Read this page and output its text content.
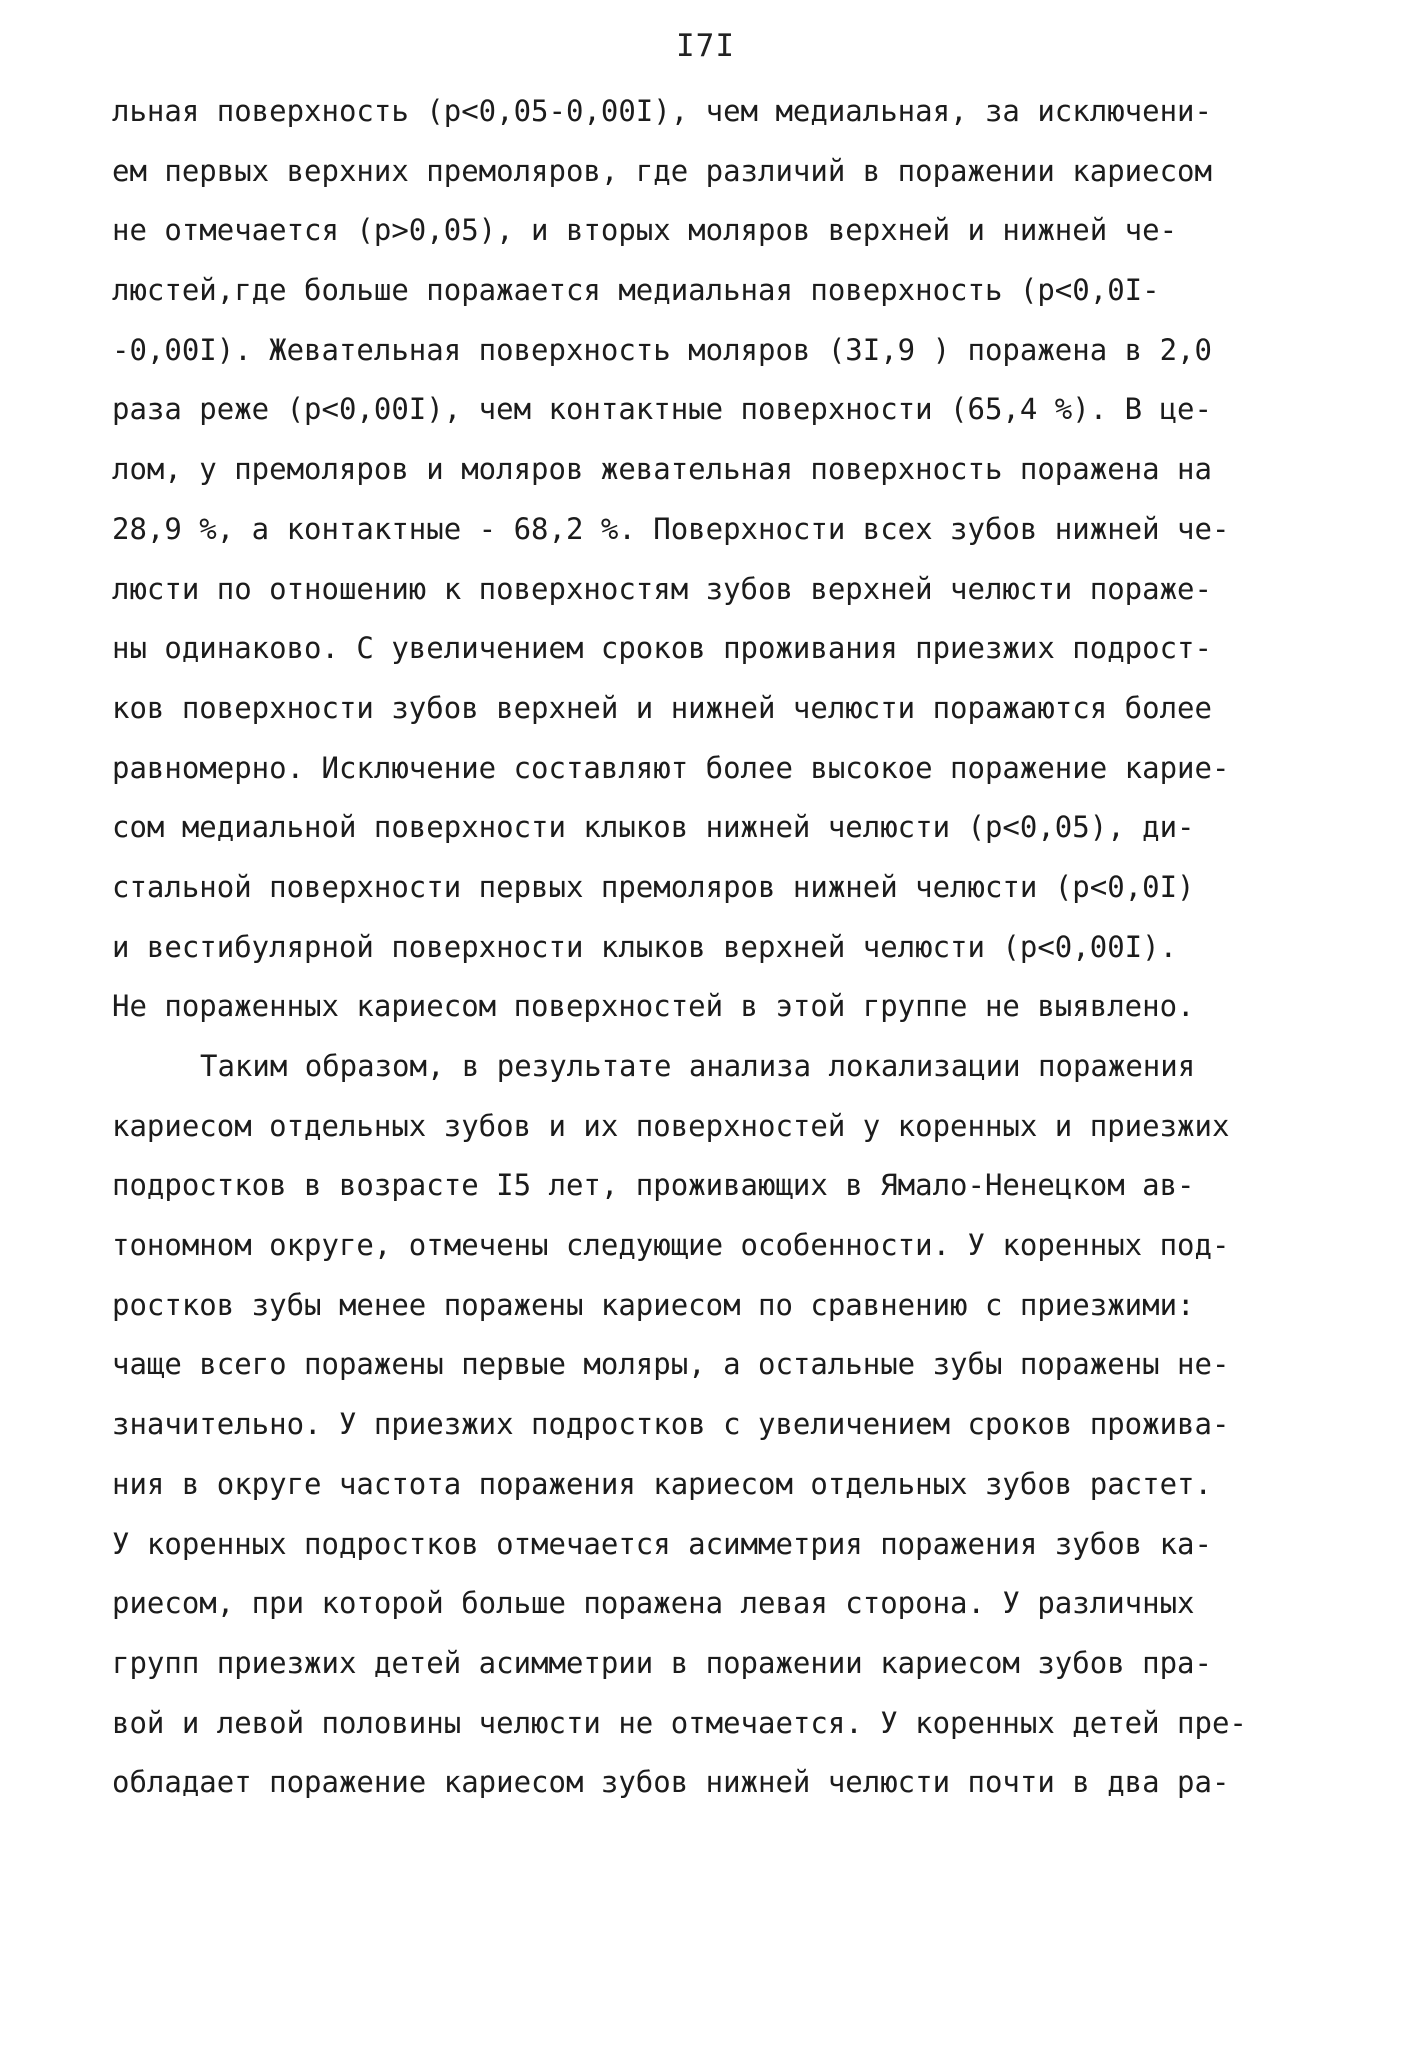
I7I
льная поверхность (р<0,05-0,00I), чем медиальная, за исключени-
ем первых верхних премоляров, где различий в поражении кариесом
не отмечается (р>0,05), и вторых моляров верхней и нижней че-
люстей,где больше поражается медиальная поверхность (р<0,0I-
-0,00I). Жевательная поверхность моляров (3I,9 ) поражена в 2,0
раза реже (р<0,00I), чем контактные поверхности (65,4 %). В це-
лом, у премоляров и моляров жевательная поверхность поражена на
28,9 %, а контактные - 68,2 %. Поверхности всех зубов нижней че-
люсти по отношению к поверхностям зубов верхней челюсти пораже-
ны одинаково. С увеличением сроков проживания приезжих подрост-
ков поверхности зубов верхней и нижней челюсти поражаются более
равномерно. Исключение составляют более высокое поражение карие-
сом медиальной поверхности клыков нижней челюсти (р<0,05), ди-
стальной поверхности первых премоляров нижней челюсти (р<0,0I)
и вестибулярной поверхности клыков верхней челюсти (р<0,00I).
Не пораженных кариесом поверхностей в этой группе не выявлено.
Таким образом, в результате анализа локализации поражения
кариесом отдельных зубов и их поверхностей у коренных и приезжих
подростков в возрасте I5 лет, проживающих в Ямало-Ненецком ав-
тономном округе, отмечены следующие особенности. У коренных под-
ростков зубы менее поражены кариесом по сравнению с приезжими:
чаще всего поражены первые моляры, а остальные зубы поражены не-
значительно. У приезжих подростков с увеличением сроков прожива-
ния в округе частота поражения кариесом отдельных зубов растет.
У коренных подростков отмечается асимметрия поражения зубов ка-
риесом, при которой больше поражена левая сторона. У различных
групп приезжих детей асимметрии в поражении кариесом зубов пра-
вой и левой половины челюсти не отмечается. У коренных детей пре-
обладает поражение кариесом зубов нижней челюсти почти в два ра-
